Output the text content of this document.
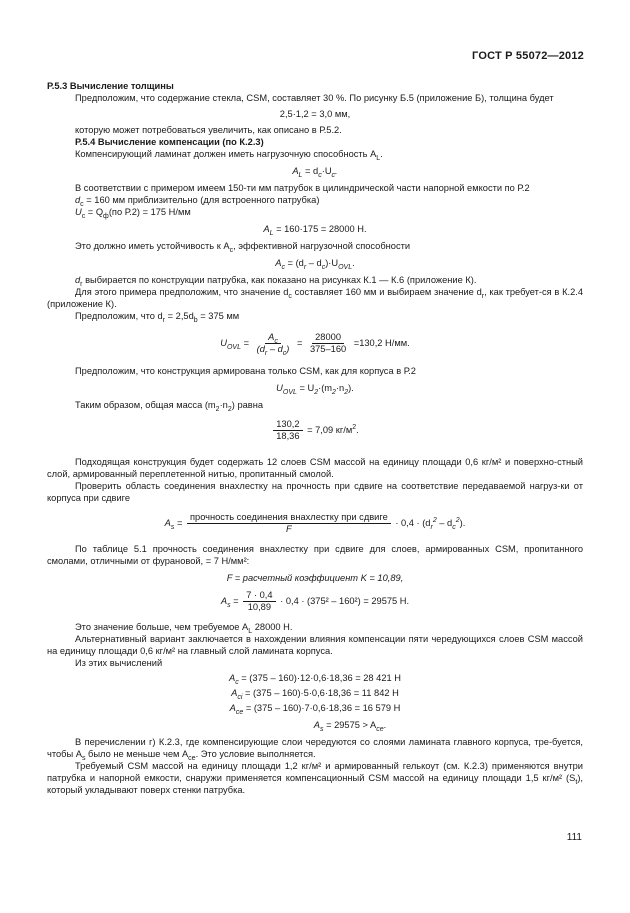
ГОСТ Р 55072—2012

Р.5.3 Вычисление толщины

Предположим, что содержание стекла, CSM, составляет 30 %. По рисунку Б.5 (приложение Б), толщина будет

2,5·1,2 = 3,0 мм,

которую может потребоваться увеличить, как описано в Р.5.2.

Р.5.4 Вычисление компенсации (по К.2.3)

Компенсирующий ламинат должен иметь нагрузочную способность $A_L$.

$A_L = d_c\cdot U_c$.

В соответствии с примером имеем 150-ти мм патрубок в цилиндрической части напорной емкости по Р.2

$d_c = 160$ мм приблизительно (для встроенного патрубка)

$U_c = Q_ф(по$ Р.2) = 175 Н/мм

$A_L = 160\cdot 175 = 28000$ Н.

Это должно иметь устойчивость к $A_c$, эффективной нагрузочной способности

$A_c = (d_r - d_c)\cdot U_{OVL}$.

$d_r$ выбирается по конструкции патрубка, как показано на рисунках К.1 — К.6 (приложение К).

Для этого примера предположим, что значение $d_c$ составляет 160 мм и выбираем значение $d_r$, как требует-ся в К.2.4 (приложение К).

Предположим, что $d_r = 2,5d_b = 375$ мм

$U_{OVL} = \frac{A_c}{(d_r - d_c)} = \frac{28000}{375-160} =130,2$ Н/мм.

Предположим, что конструкция армирована только CSM, как для корпуса в Р.2

$U_{OVL} = U_2\cdot(m_2\cdot n_2)$.

Таким образом, общая масса $(m_2\cdot n_2)$ равна

$\frac{130,2}{18,36} = 7,09$ $кг/м^2$.

Подходящая конструкция будет содержать 12 слоев CSM массой на единицу площади 0,6 кг/м² и поверхно-стный слой, армированный переплетенной нитью, пропитанный смолой.

Проверить область соединения внахлестку на прочность при сдвиге на соответствие передаваемой нагруз-ки от корпуса при сдвиге

$A_s = \frac{\text{прочность соединения внахлестку при сдвиге}}{F} \cdot 0,4 \cdot (d_r^2 - d_c^2)$.

По таблице 5.1 прочность соединения внахлестку при сдвиге для слоев, армированных CSM, пропитанного смолами, отличными от фурановой, = 7 Н/мм²:

F = расчетный коэффициент K = 10,89,
$A_s = \frac{7 \cdot 0,4}{10,89} \cdot 0,4 \cdot (375^2 - 160^2) = 29575$ Н.

Это значение больше, чем требуемое $A_L$ 28000 Н.

Альтернативный вариант заключается в нахождении влияния компенсации пяти чередующихся слоев CSM массой на единицу площади 0,6 кг/м² на главный слой ламината корпуса.

Из этих вычислений

$A_c = (375 - 160)\cdot 12\cdot 0,6\cdot 18,36 = 28$ 421 Н
$A_{ci} = (375 - 160)\cdot 5\cdot 0,6\cdot 18,36 = 11$ 842 Н
$A_{ce} = (375 - 160)\cdot 7\cdot 0,6\cdot 18,36 = 16$ 579 Н
$A_s = 29575 > A_{ce}$.

В перечислении г) К.2.3, где компенсирующие слои чередуются со слоями ламината главного корпуса, тре-буется, чтобы $A_s$ было не меньше чем $A_{ce}$. Это условие выполняется.

Требуемый CSM массой на единицу площади 1,2 кг/м² и армированный гелькоут (см. К.2.3) применяются внутри патрубка и напорной емкости, снаружи применяется компенсационный CSM массой на единицу площади 1,5 кг/м² $(S_t)$, который укладывают поверх стенки патрубка.

111
